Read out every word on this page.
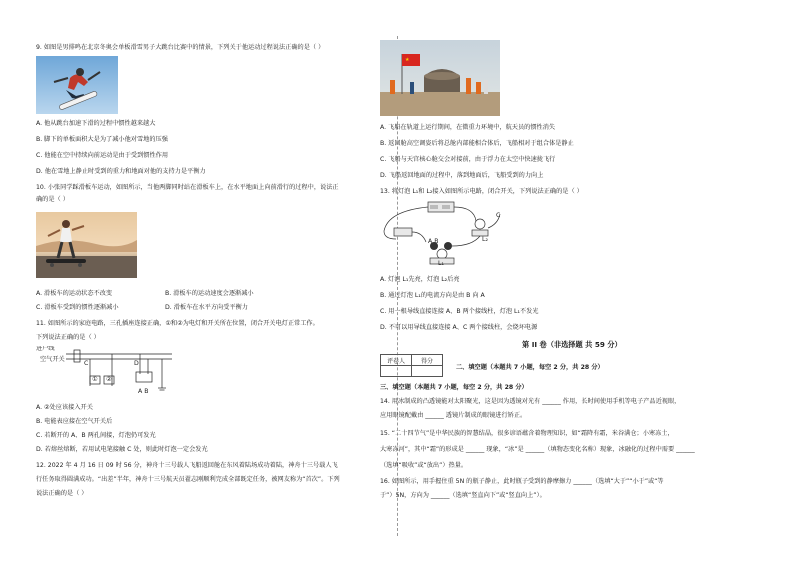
9. 如图是男排鸣在北京冬奥会单板滑雪男子大跳台比赛中的情景，下列关于他运动过程说法正确的是（ ）
A. 他从跳台加速下滑的过程中惯性越来越大
B. 脚下的单板面积大是为了减小他对雪地的压强
C. 他能在空中持续向前运动是由于受到惯性作用
D. 他在雪地上静止时受到的重力和地面对他的支持力是平衡力
10. 小张同学踩滑板车运动，如图所示，当他两脚同时站在滑板车上，在水平地面上向前滑行的过程中，说法正
确的是（ ）
A. 滑板车的运动状态不改变	B. 滑板车的运动速度会逐渐减小
C. 滑板车受到的惯性逐渐减小	D. 滑板车在水平方向受平衡力
11. 如图所示的家庭电路，三孔插座连接正确，①和②为电灯和开关所在位置，闭合开关电灯正常工作。
下列说法正确的是（ ）
进户线
空气开关
C	D
① ②
A B
A. ②处应该接入开关
B. 电能表应接在空气开关后
C. 若断开的 A、B 两孔间接，灯泡仍可发光
D. 若熔丝熔断，若用试电笔接触 C 处，则此时灯泡一定会发光
12. 2022 年 4 月 16 日 09 时 56 分，神舟十三号载人飞船返回舱在东风着陆场成功着陆，神舟十三号载人飞
行任务取得圆满成功。“出差”半年，神舟十三号航天员翟志刚顺利完成全部既定任务，被网友称为“首次”。下列
说法正确的是（ ）
★
A. 飞船在轨道上运行期间，在微重力环境中，航天员的惯性消失
B. 返回舱高空调姿后将总舱内部能相合体后，飞船相对于组合体是静止
C. 飞船与天宫核心舱交会对接前，由于浮力在太空中快速拢飞行
D. 飞船返回地面的过程中，落到地面后，飞船受到的力向上
13. 将灯泡 L₁和 L₂接入如图所示电路，闭合开关，下列说法正确的是（ ）
C
A B
L₁
L₂
A. 灯泡 L₁先亮，灯泡 L₂后亮
B. 通过灯泡 L₁的电流方向是由 B 向 A
C. 用一根导线直接连接 A、B 两个接线柱，灯泡 L₁不发光
D. 不可以用导线直接连接 A、C 两个接线柱，会烧坏电源
第 II 卷（非选择题 共 59 分）
评卷人	得分

二、填空题（本题共 7 小题，每空 2 分，共 28 分）
三、填空题（本题共 7 小题，每空 2 分，共 28 分）
14. 用冰制成的凸透镜能对太阳聚光，这是因为透镜对光有 ______ 作用，长时间使用手机等电子产品近视眼，
应用眼镜配戴由 ______ 透镜片制成的眼镜进行矫正。
15. “二十四节气”是中华民族的智慧结晶，很多谚语蕴含着物理知识，如“霜降有霜，米谷满仓；小寒冻土，
大寒冻河”，其中“霜”的形成是 ______ 现象，“冰”是 ______（填物态变化名称）现象，冰融化的过程中需要 ______
（选填“吸收”或“放出”）热量。
16. 如图所示，用手握住重 5N 的瓶子静止，此时瓶子受到的静摩擦力 ______（选填“大于”“小于”或“等
于”）5N，方向为 ______（选填“竖直向下”或“竖直向上”）。
